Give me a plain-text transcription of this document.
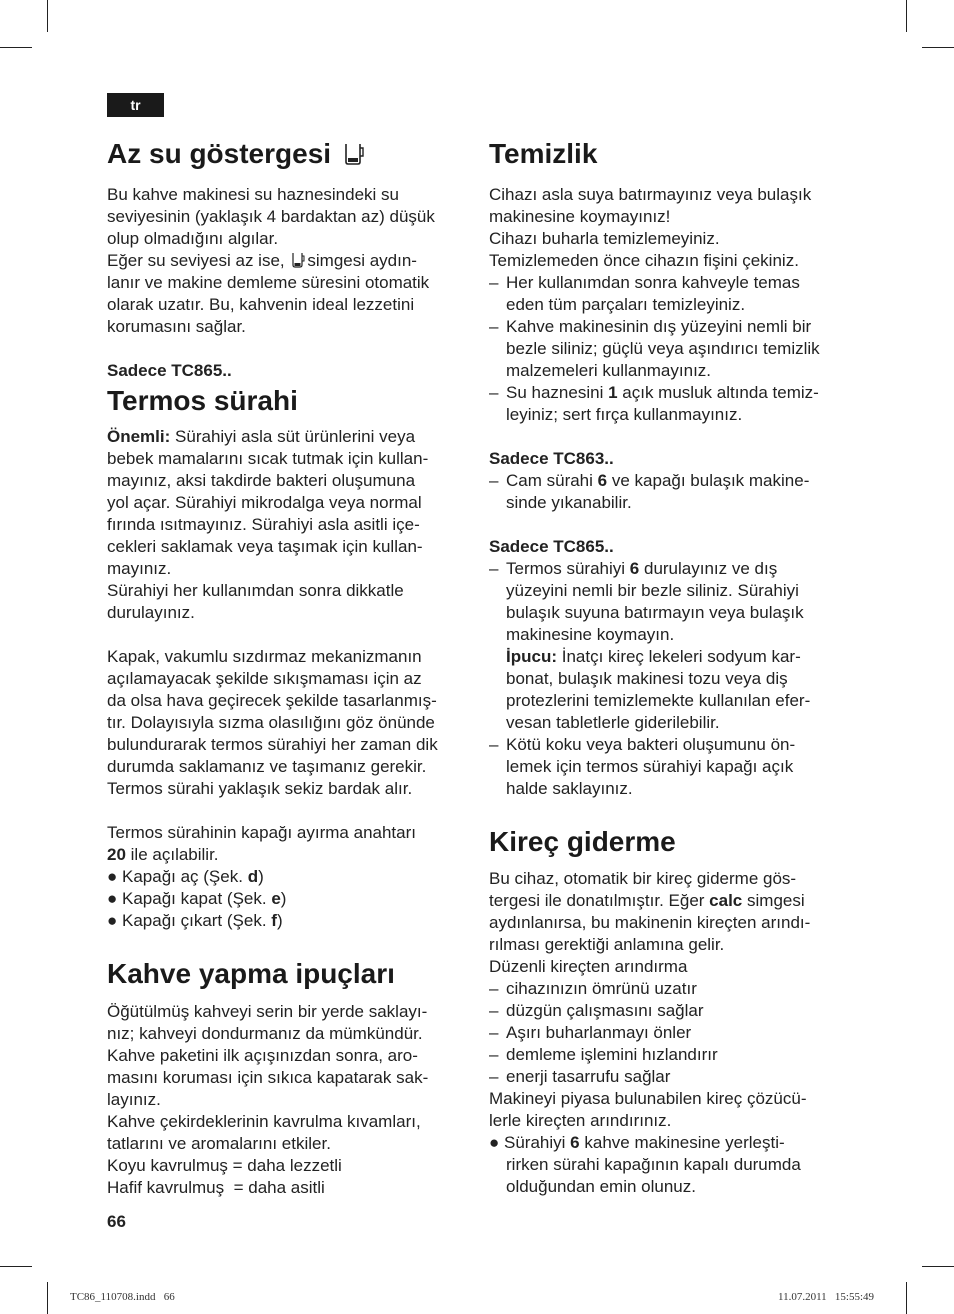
tr
Az su göstergesi
Bu kahve makinesi su haznesindeki su
seviyesinin (yaklaşık 4 bardaktan az) düşük
olup olmadığını algılar.
Eğer su seviyesi az ise, simgesi aydın-
lanır ve makine demleme süresini otomatik
olarak uzatır. Bu, kahvenin ideal lezzetini
korumasını sağlar.
Sadece TC865..
Termos sürahi
Önemli: Sürahiyi asla süt ürünlerini veya
bebek mamalarını sıcak tutmak için kullan-
mayınız, aksi takdirde bakteri oluşumuna
yol açar. Sürahiyi mikrodalga veya normal
fırında ısıtmayınız. Sürahiyi asla asitli içe-
cekleri saklamak veya taşımak için kullan-
mayınız.
Sürahiyi her kullanımdan sonra dikkatle
durulayınız.
Kapak, vakumlu sızdırmaz mekanizmanın
açılamayacak şekilde sıkışmaması için az
da olsa hava geçirecek şekilde tasarlanmış-
tır. Dolayısıyla sızma olasılığını göz önünde
bulundurarak termos sürahiyi her zaman dik
durumda saklamanız ve taşımanız gerekir.
Termos sürahi yaklaşık sekiz bardak alır.
Termos sürahinin kapağı ayırma anahtarı
20 ile açılabilir.
● Kapağı aç (Şek. d)
● Kapağı kapat (Şek. e)
● Kapağı çıkart (Şek. f)
Kahve yapma ipuçları
Öğütülmüş kahveyi serin bir yerde saklayı-
nız; kahveyi dondurmanız da mümkündür.
Kahve paketini ilk açışınızdan sonra, aro-
masını koruması için sıkıca kapatarak sak-
layınız.
Kahve çekirdeklerinin kavrulma kıvamları,
tatlarını ve aromalarını etkiler.
Koyu kavrulmuş = daha lezzetli
Hafif kavrulmuş  = daha asitli
Temizlik
Cihazı asla suya batırmayınız veya bulaşık
makinesine koymayınız!
Cihazı buharla temizlemeyiniz.
Temizlemeden önce cihazın fişini çekiniz.
– Her kullanımdan sonra kahveyle temas
eden tüm parçaları temizleyiniz.
– Kahve makinesinin dış yüzeyini nemli bir
bezle siliniz; güçlü veya aşındırıcı temizlik
malzemeleri kullanmayınız.
– Su haznesini 1 açık musluk altında temiz-
leyiniz; sert fırça kullanmayınız.
Sadece TC863..
– Cam sürahi 6 ve kapağı bulaşık makine-
sinde yıkanabilir.
Sadece TC865..
– Termos sürahiyi 6 durulayınız ve dış
yüzeyini nemli bir bezle siliniz. Sürahiyi
bulaşık suyuna batırmayın veya bulaşık
makinesine koymayın.
İpucu: İnatçı kireç lekeleri sodyum kar-
bonat, bulaşık makinesi tozu veya diş
protezlerini temizlemekte kullanılan efer-
vesan tabletlerle giderilebilir.
– Kötü koku veya bakteri oluşumunu ön-
lemek için termos sürahiyi kapağı açık
halde saklayınız.
Kireç giderme
Bu cihaz, otomatik bir kireç giderme gös-
tergesi ile donatılmıştır. Eğer calc simgesi
aydınlanırsa, bu makinenin kireçten arındı-
rılması gerektiği anlamına gelir.
Düzenli kireçten arındırma
– cihazınızın ömrünü uzatır
– düzgün çalışmasını sağlar
– Aşırı buharlanmayı önler
– demleme işlemini hızlandırır
– enerji tasarrufu sağlar
Makineyi piyasa bulunabilen kireç çözücü-
lerle kireçten arındırınız.
● Sürahiyi 6 kahve makinesine yerleşti-
rirken sürahi kapağının kapalı durumda
olduğundan emin olunuz.
66
TC86_110708.indd   66	11.07.2011   15:55:49
